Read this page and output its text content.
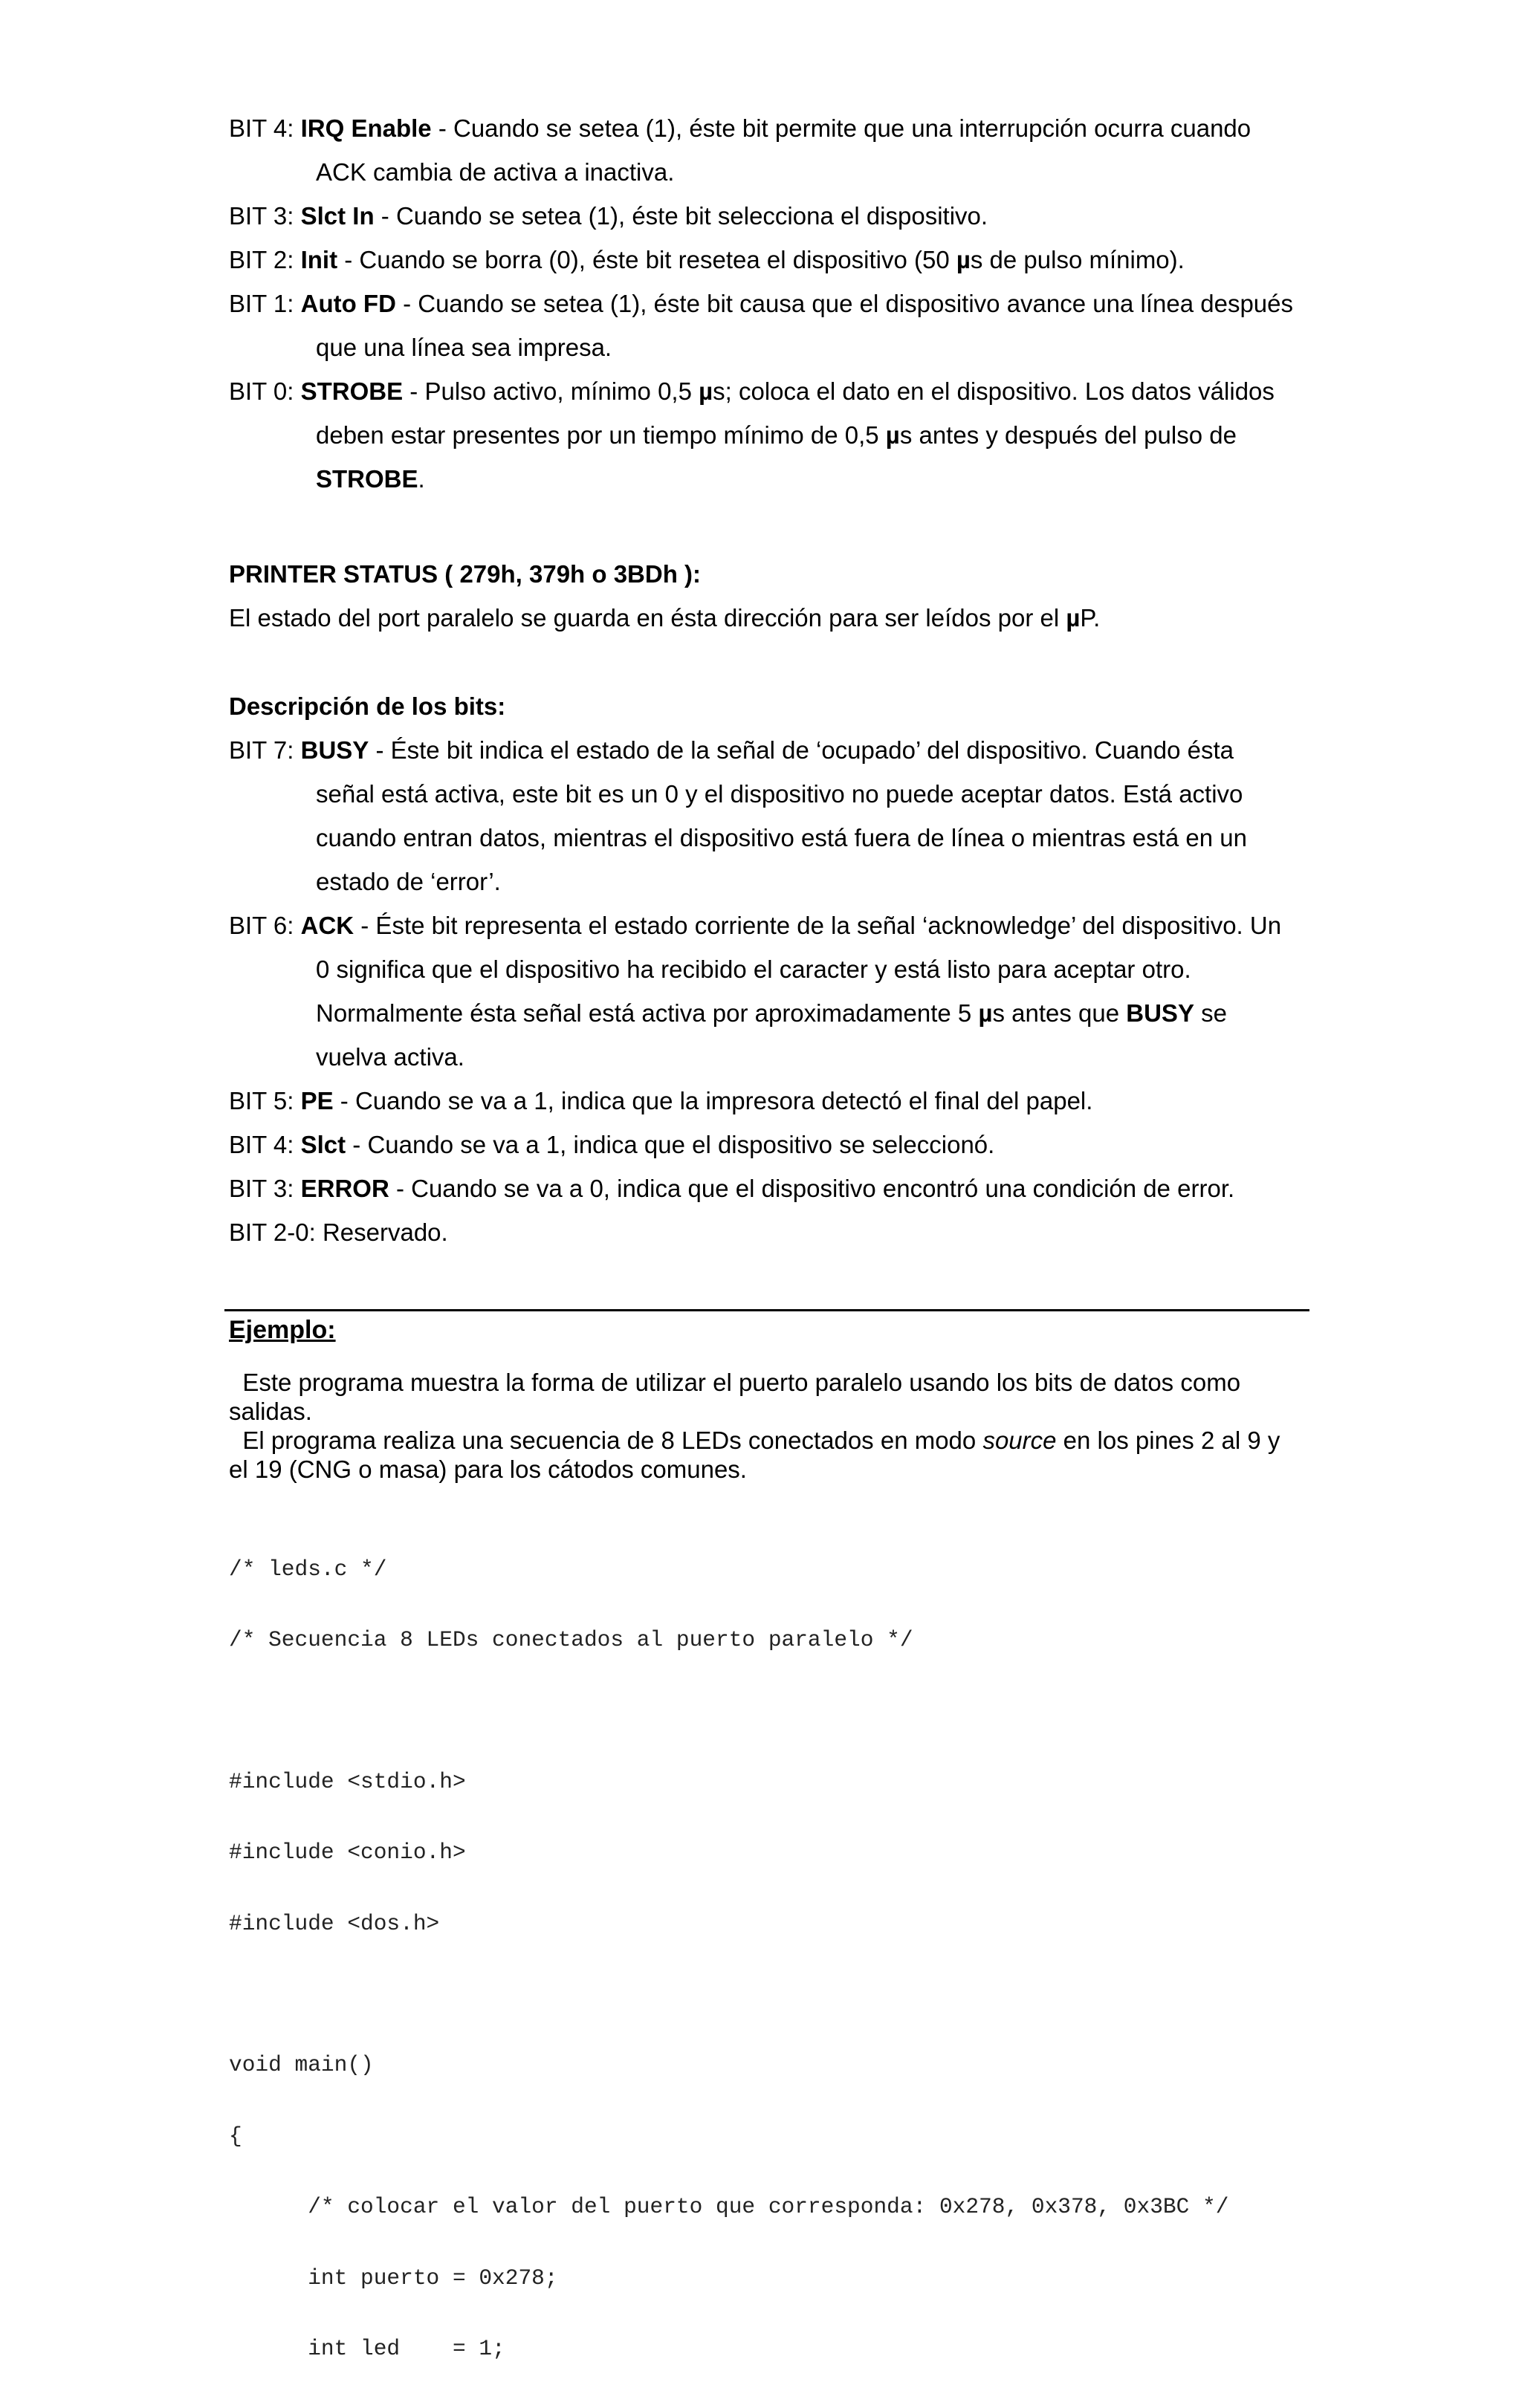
BIT 4: IRQ Enable - Cuando se setea (1), éste bit permite que una interrupción ocurra cuando
ACK cambia de activa a inactiva.
BIT 3: Slct In - Cuando se setea (1), éste bit selecciona el dispositivo.
BIT 2: Init - Cuando se borra (0), éste bit resetea el dispositivo (50 µs de pulso mínimo).
BIT 1: Auto FD - Cuando se setea (1), éste bit causa que el dispositivo avance una línea después
que una línea sea impresa.
BIT 0: STROBE - Pulso activo, mínimo 0,5 µs; coloca el dato en el dispositivo. Los datos válidos
deben estar presentes por un tiempo mínimo de 0,5 µs antes y después del pulso de
STROBE.
PRINTER STATUS ( 279h, 379h o 3BDh ):
El estado del port paralelo se guarda en ésta dirección para ser leídos por el µP.
Descripción de los bits:
BIT 7: BUSY - Éste bit indica el estado de la señal de ‘ocupado’ del dispositivo. Cuando ésta
señal está activa, este bit es un 0 y el dispositivo no puede aceptar datos. Está activo
cuando entran datos, mientras el dispositivo está fuera de línea o mientras está en un
estado de ‘error’.
BIT 6: ACK - Éste bit representa el estado corriente de la señal ‘acknowledge’ del dispositivo. Un
0 significa que el dispositivo ha recibido el caracter y está listo para aceptar otro.
Normalmente ésta señal está activa por aproximadamente 5 µs antes que BUSY se
vuelva activa.
BIT 5: PE - Cuando se va a 1, indica que la impresora detectó el final del papel.
BIT 4: Slct - Cuando se va a 1, indica que el dispositivo se seleccionó.
BIT 3: ERROR - Cuando se va a 0, indica que el dispositivo encontró una condición de error.
BIT 2-0: Reservado.
Ejemplo:
Este programa muestra la forma de utilizar el puerto paralelo usando los bits de datos como
salidas.
El programa realiza una secuencia de 8 LEDs conectados en modo source en los pines 2 al 9 y
el 19 (CNG o masa) para los cátodos comunes.

/* leds.c */

/* Secuencia 8 LEDs conectados al puerto paralelo */

#include <stdio.h>

#include <conio.h>

#include <dos.h>

void main()

{

/* colocar el valor del puerto que corresponda: 0x278, 0x378, 0x3BC */

int puerto = 0x278;

int led    = 1;
